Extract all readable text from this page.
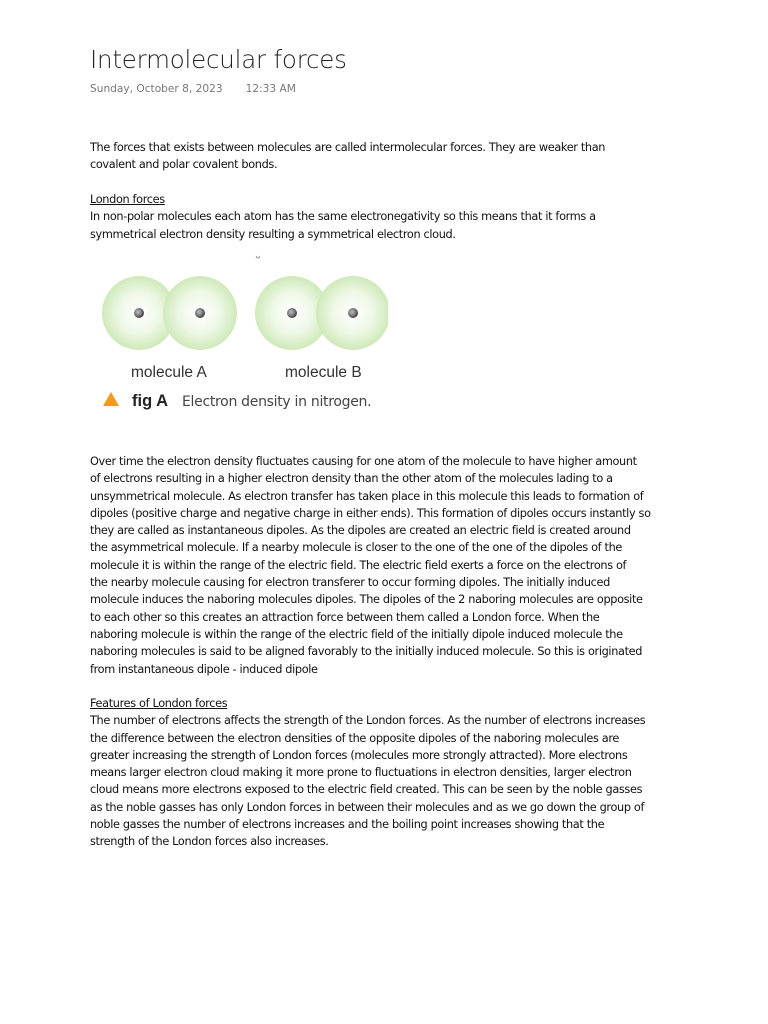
Intermolecular forces
Sunday, October 8, 2023 12:33 AM
The forces that exists between molecules are called intermolecular forces. They are weaker than
covalent and polar covalent bonds.
London forces
In non-polar molecules each atom has the same electronegativity so this means that it forms a
symmetrical electron density resulting a symmetrical electron cloud.
molecule A	molecule B
fig A Electron density in nitrogen.
Over time the electron density fluctuates causing for one atom of the molecule to have higher amount
of electrons resulting in a higher electron density than the other atom of the molecules lading to a
unsymmetrical molecule. As electron transfer has taken place in this molecule this leads to formation of
dipoles (positive charge and negative charge in either ends). This formation of dipoles occurs instantly so
they are called as instantaneous dipoles. As the dipoles are created an electric field is created around
the asymmetrical molecule. If a nearby molecule is closer to the one of the one of the dipoles of the
molecule it is within the range of the electric field. The electric field exerts a force on the electrons of
the nearby molecule causing for electron transferer to occur forming dipoles. The initially induced
molecule induces the naboring molecules dipoles. The dipoles of the 2 naboring molecules are opposite
to each other so this creates an attraction force between them called a London force. When the
naboring molecule is within the range of the electric field of the initially dipole induced molecule the
naboring molecules is said to be aligned favorably to the initially induced molecule. So this is originated
from instantaneous dipole - induced dipole
Features of London forces
The number of electrons affects the strength of the London forces. As the number of electrons increases
the difference between the electron densities of the opposite dipoles of the naboring molecules are
greater increasing the strength of London forces (molecules more strongly attracted). More electrons
means larger electron cloud making it more prone to fluctuations in electron densities, larger electron
cloud means more electrons exposed to the electric field created. This can be seen by the noble gasses
as the noble gasses has only London forces in between their molecules and as we go down the group of
noble gasses the number of electrons increases and the boiling point increases showing that the
strength of the London forces also increases.
